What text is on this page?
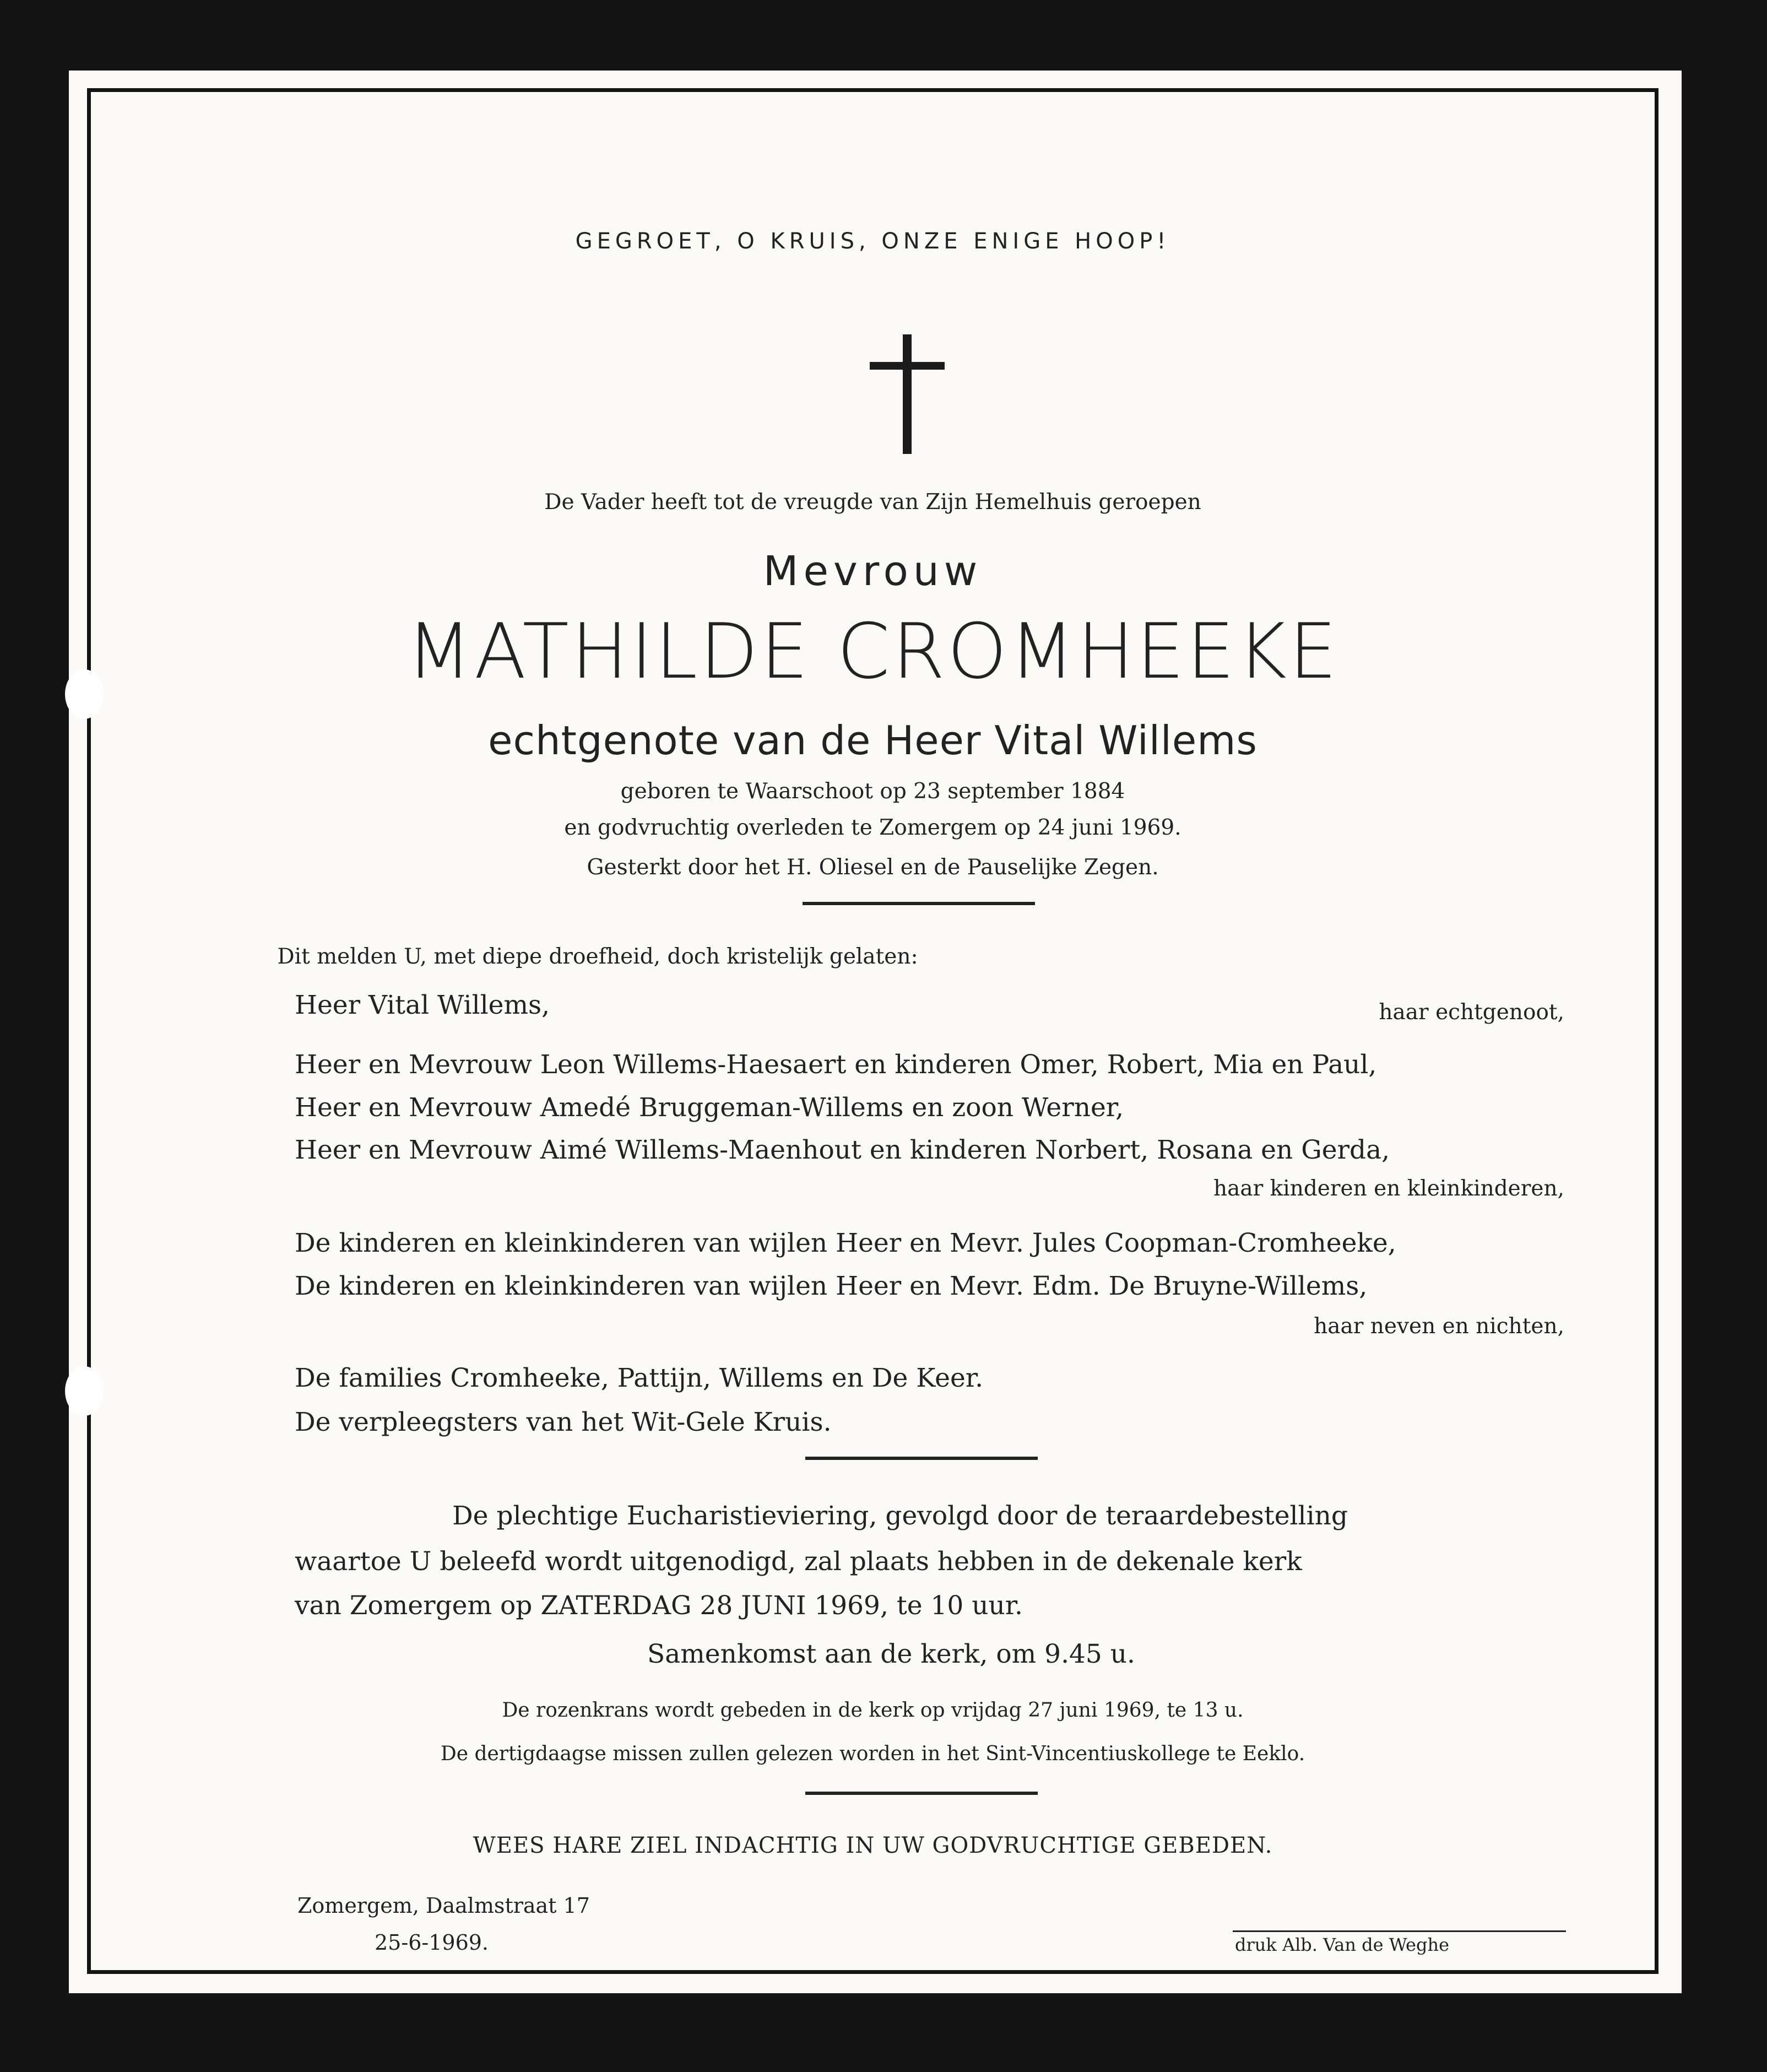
GEGROET, O KRUIS, ONZE ENIGE HOOP!
De Vader heeft tot de vreugde van Zijn Hemelhuis geroepen
Mevrouw
MATHILDE CROMHEEKE
echtgenote van de Heer Vital Willems
geboren te Waarschoot op 23 september 1884
en godvruchtig overleden te Zomergem op 24 juni 1969.
Gesterkt door het H. Oliesel en de Pauselijke Zegen.
Dit melden U, met diepe droefheid, doch kristelijk gelaten:
Heer Vital Willems,	haar echtgenoot,
Heer en Mevrouw Leon Willems-Haesaert en kinderen Omer, Robert, Mia en Paul,
Heer en Mevrouw Amedé Bruggeman-Willems en zoon Werner,
Heer en Mevrouw Aimé Willems-Maenhout en kinderen Norbert, Rosana en Gerda,
haar kinderen en kleinkinderen,
De kinderen en kleinkinderen van wijlen Heer en Mevr. Jules Coopman-Cromheeke,
De kinderen en kleinkinderen van wijlen Heer en Mevr. Edm. De Bruyne-Willems,
haar neven en nichten,
De families Cromheeke, Pattijn, Willems en De Keer.
De verpleegsters van het Wit-Gele Kruis.
De plechtige Eucharistieviering, gevolgd door de teraardebestelling
waartoe U beleefd wordt uitgenodigd, zal plaats hebben in de dekenale kerk
van Zomergem op ZATERDAG 28 JUNI 1969, te 10 uur.
Samenkomst aan de kerk, om 9.45 u.
De rozenkrans wordt gebeden in de kerk op vrijdag 27 juni 1969, te 13 u.
De dertigdaagse missen zullen gelezen worden in het Sint-Vincentiuskollege te Eeklo.
WEES HARE ZIEL INDACHTIG IN UW GODVRUCHTIGE GEBEDEN.
Zomergem, Daalmstraat 17
25-6-1969.	druk Alb. Van de Weghe
